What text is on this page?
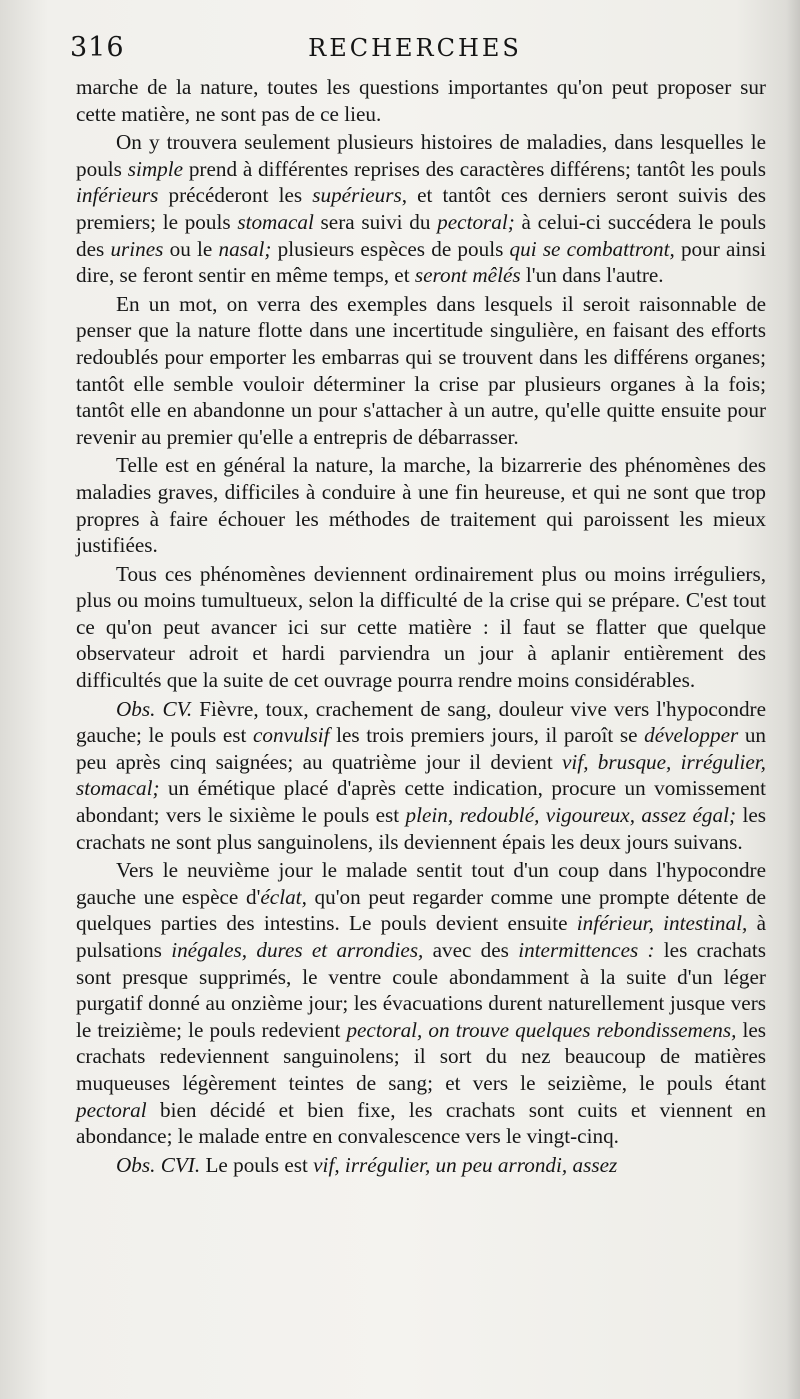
316	RECHERCHES

marche de la nature, toutes les questions importantes qu'on peut proposer sur cette matière, ne sont pas de ce lieu.

On y trouvera seulement plusieurs histoires de maladies, dans lesquelles le pouls simple prend à différentes reprises des caractères différens; tantôt les pouls inférieurs précéderont les supérieurs, et tantôt ces derniers seront suivis des premiers; le pouls stomacal sera suivi du pectoral; à celui-ci succédera le pouls des urines ou le nasal; plusieurs espèces de pouls qui se combattront, pour ainsi dire, se feront sentir en même temps, et seront mêlés l'un dans l'autre.

En un mot, on verra des exemples dans lesquels il seroit raisonnable de penser que la nature flotte dans une incertitude singulière, en faisant des efforts redoublés pour emporter les embarras qui se trouvent dans les différens organes; tantôt elle semble vouloir déterminer la crise par plusieurs organes à la fois; tantôt elle en abandonne un pour s'attacher à un autre, qu'elle quitte ensuite pour revenir au premier qu'elle a entrepris de débarrasser.

Telle est en général la nature, la marche, la bizarrerie des phénomènes des maladies graves, difficiles à conduire à une fin heureuse, et qui ne sont que trop propres à faire échouer les méthodes de traitement qui paroissent les mieux justifiées.

Tous ces phénomènes deviennent ordinairement plus ou moins irréguliers, plus ou moins tumultueux, selon la difficulté de la crise qui se prépare. C'est tout ce qu'on peut avancer ici sur cette matière : il faut se flatter que quelque observateur adroit et hardi parviendra un jour à aplanir entièrement des difficultés que la suite de cet ouvrage pourra rendre moins considérables.

Obs. CV. Fièvre, toux, crachement de sang, douleur vive vers l'hypocondre gauche; le pouls est convulsif les trois premiers jours, il paroît se développer un peu après cinq saignées; au quatrième jour il devient vif, brusque, irrégulier, stomacal; un émétique placé d'après cette indication, procure un vomissement abondant; vers le sixième le pouls est plein, redoublé, vigoureux, assez égal; les crachats ne sont plus sanguinolens, ils deviennent épais les deux jours suivans.

Vers le neuvième jour le malade sentit tout d'un coup dans l'hypocondre gauche une espèce d'éclat, qu'on peut regarder comme une prompte détente de quelques parties des intestins. Le pouls devient ensuite inférieur, intestinal, à pulsations inégales, dures et arrondies, avec des intermittences : les crachats sont presque supprimés, le ventre coule abondamment à la suite d'un léger purgatif donné au onzième jour; les évacuations durent naturellement jusque vers le treizième; le pouls redevient pectoral, on trouve quelques rebondissemens, les crachats redeviennent sanguinolens; il sort du nez beaucoup de matières muqueuses légèrement teintes de sang; et vers le seizième, le pouls étant pectoral bien décidé et bien fixe, les crachats sont cuits et viennent en abondance; le malade entre en convalescence vers le vingt-cinq.

Obs. CVI. Le pouls est vif, irrégulier, un peu arrondi, assez
